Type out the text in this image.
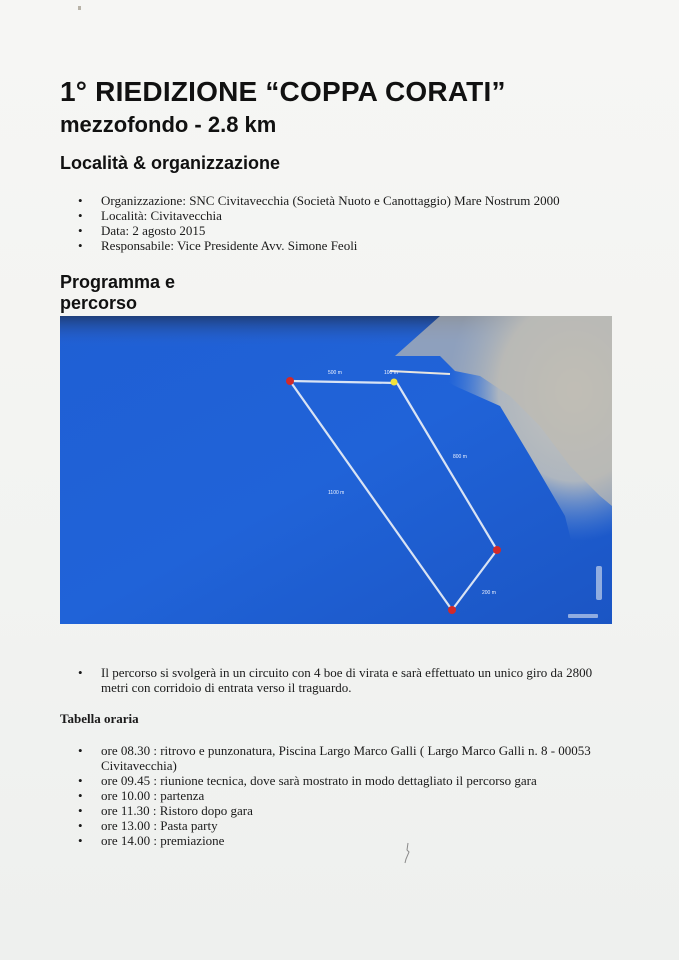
1° RIEDIZIONE “COPPA CORATI”
mezzofondo - 2.8 km
Località & organizzazione
• Organizzazione: SNC Civitavecchia (Società Nuoto e Canottaggio) Mare Nostrum 2000
• Località: Civitavecchia
• Data: 2 agosto 2015
• Responsabile: Vice Presidente Avv. Simone Feoli
Programma e
percorso
500 m	100 m
800 m
1100 m
200 m
• Il percorso si svolgerà in un circuito con 4 boe di virata e sarà effettuato un unico giro da 2800 metri con corridoio di entrata verso il traguardo.
Tabella oraria
• ore 08.30 : ritrovo e punzonatura, Piscina Largo Marco Galli ( Largo Marco Galli n. 8 - 00053 Civitavecchia)
• ore 09.45 : riunione tecnica, dove sarà mostrato in modo dettagliato il percorso gara
• ore 10.00 : partenza
• ore 11.30 : Ristoro dopo gara
• ore 13.00 : Pasta party
• ore 14.00 : premiazione
